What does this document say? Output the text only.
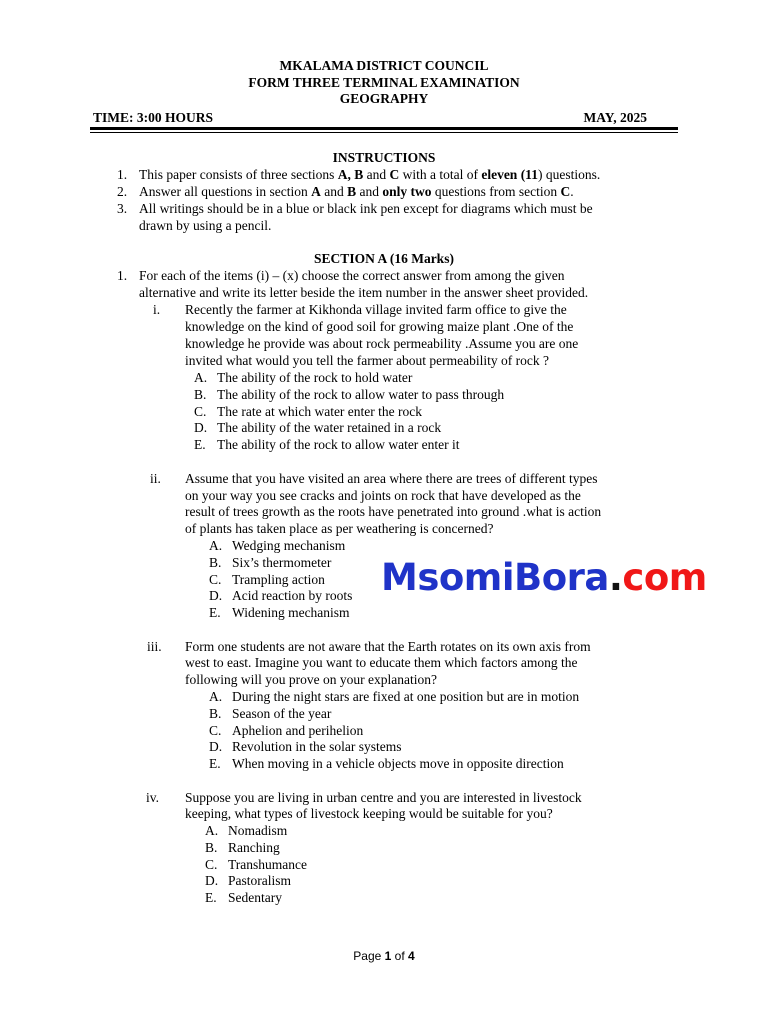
MKALAMA DISTRICT COUNCIL
FORM THREE TERMINAL EXAMINATION
GEOGRAPHY
TIME: 3:00 HOURS	MAY, 2025
INSTRUCTIONS
1. This paper consists of three sections A, B and C with a total of eleven (11) questions.
2. Answer all questions in section A and B and only two questions from section C.
3. All writings should be in a blue or black ink pen except for diagrams which must be
drawn by using a pencil.
SECTION A (16 Marks)
1. For each of the items (i) – (x) choose the correct answer from among the given
alternative and write its letter beside the item number in the answer sheet provided.
i. Recently the farmer at Kikhonda village invited farm office to give the
knowledge on the kind of good soil for growing maize plant .One of the
knowledge he provide was about rock permeability .Assume you are one
invited what would you tell the farmer about permeability of rock ?
A. The ability of the rock to hold water
B. The ability of the rock to allow water to pass through
C. The rate at which water enter the rock
D. The ability of the water retained in a rock
E. The ability of the rock to allow water enter it
ii. Assume that you have visited an area where there are trees of different types
on your way you see cracks and joints on rock that have developed as the
result of trees growth as the roots have penetrated into ground .what is action
of plants has taken place as per weathering is concerned?
A. Wedging mechanism
B. Six’s thermometer
C. Trampling action
D. Acid reaction by roots
E. Widening mechanism
MsomiBora.com
iii. Form one students are not aware that the Earth rotates on its own axis from
west to east. Imagine you want to educate them which factors among the
following will you prove on your explanation?
A. During the night stars are fixed at one position but are in motion
B. Season of the year
C. Aphelion and perihelion
D. Revolution in the solar systems
E. When moving in a vehicle objects move in opposite direction
iv. Suppose you are living in urban centre and you are interested in livestock
keeping, what types of livestock keeping would be suitable for you?
A. Nomadism
B. Ranching
C. Transhumance
D. Pastoralism
E. Sedentary
Page 1 of 4
